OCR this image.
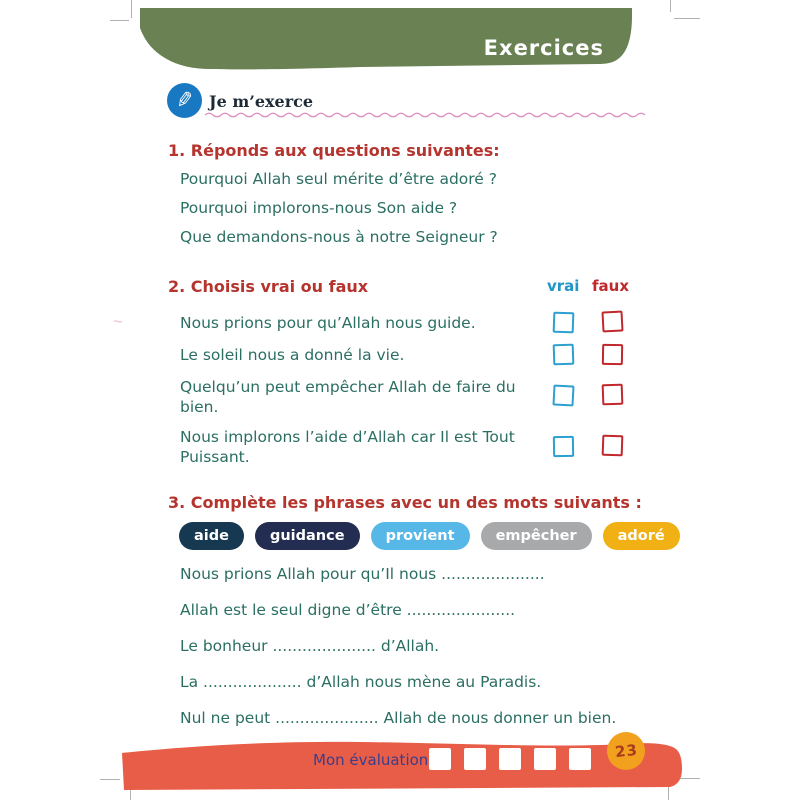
Exercices
✎ Je m’exerce
1. Réponds aux questions suivantes:
Pourquoi Allah seul mérite d’être adoré ?
Pourquoi implorons-nous Son aide ?
Que demandons-nous à notre Seigneur ?
2. Choisis vrai ou faux	vrai faux
Nous prions pour qu’Allah nous guide.
Le soleil nous a donné la vie.
Quelqu’un peut empêcher Allah de faire du bien.
Nous implorons l’aide d’Allah car Il est Tout Puissant.
3. Complète les phrases avec un des mots suivants :
aide	guidance	provient	empêcher	adoré
Nous prions Allah pour qu’Il nous .....................
Allah est le seul digne d’être ......................
Le bonheur ..................... d’Allah.
La .................... d’Allah nous mène au Paradis.
Nul ne peut ..................... Allah de nous donner un bien.
~
Mon évaluation	23
